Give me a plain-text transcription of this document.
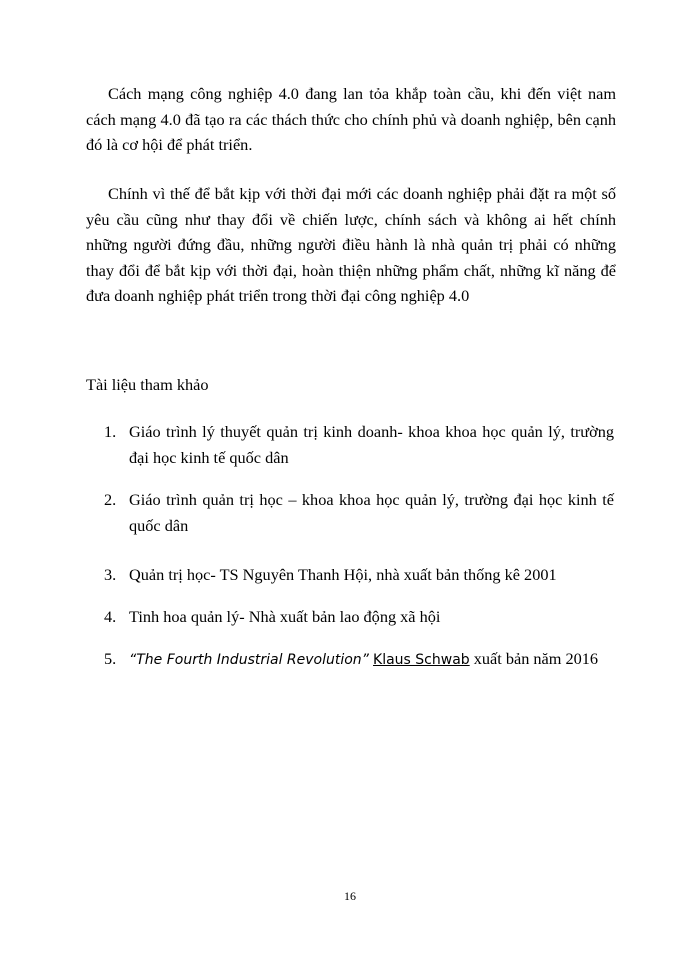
Cách mạng công nghiệp 4.0 đang lan tỏa khắp toàn cầu, khi đến việt nam cách mạng 4.0 đã tạo ra các thách thức cho chính phủ và doanh nghiệp, bên cạnh đó là cơ hội để phát triển.

Chính vì thế để bắt kịp với thời đại mới các doanh nghiệp phải đặt ra một số yêu cầu cũng như thay đổi về chiến lược, chính sách và không ai hết chính những người đứng đầu, những người điều hành là nhà quản trị phải có những thay đổi để bắt kịp với thời đại, hoàn thiện những phẩm chất, những kĩ năng để đưa doanh nghiệp phát triển trong thời đại công nghiệp 4.0

Tài liệu tham khảo

1. Giáo trình lý thuyết quản trị kinh doanh- khoa khoa học quản lý, trường đại học kinh tế quốc dân
2. Giáo trình quản trị học – khoa khoa học quản lý, trường đại học kinh tế quốc dân
3. Quản trị học- TS Nguyên Thanh Hội, nhà xuất bản thống kê 2001
4. Tinh hoa quản lý- Nhà xuất bản lao động xã hội
5. “The Fourth Industrial Revolution” Klaus Schwab xuất bản năm 2016
16
